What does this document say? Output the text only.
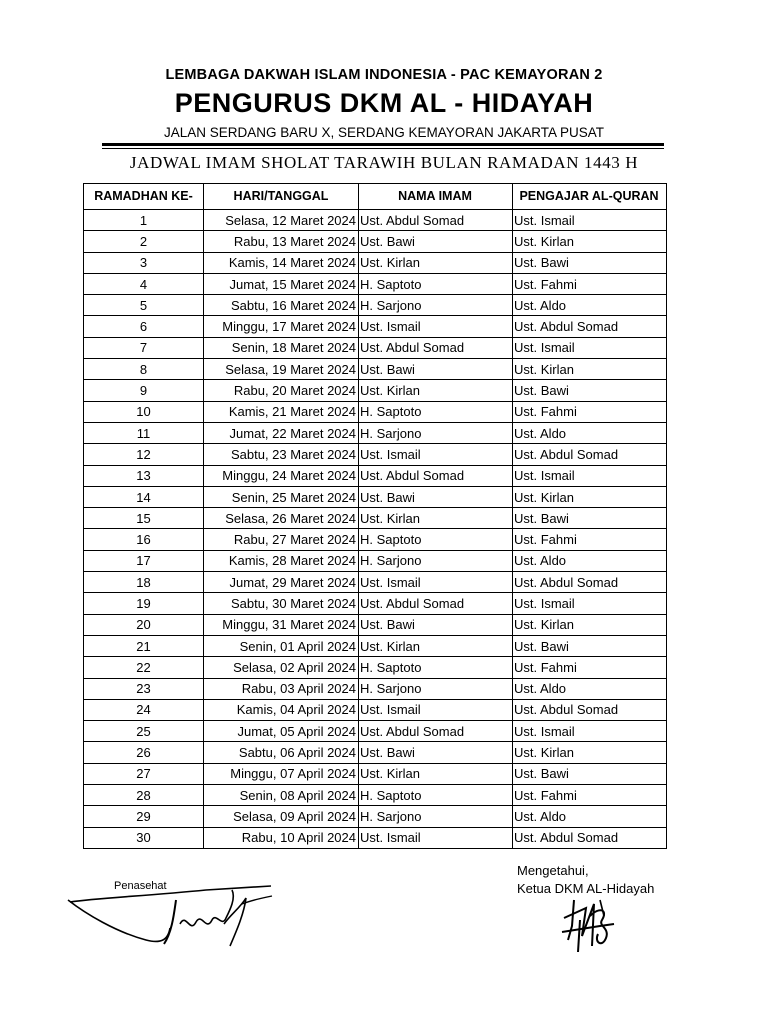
LEMBAGA DAKWAH ISLAM INDONESIA - PAC KEMAYORAN 2
PENGURUS DKM AL - HIDAYAH
JALAN SERDANG BARU X, SERDANG KEMAYORAN JAKARTA PUSAT
JADWAL IMAM SHOLAT TARAWIH BULAN RAMADAN 1443 H
RAMADHAN KE-	HARI/TANGGAL	NAMA IMAM	PENGAJAR AL-QURAN
1	Selasa, 12 Maret 2024	Ust. Abdul Somad	Ust. Ismail
2	Rabu, 13 Maret 2024	Ust. Bawi	Ust. Kirlan
3	Kamis, 14 Maret 2024	Ust. Kirlan	Ust. Bawi
4	Jumat, 15 Maret 2024	H. Saptoto	Ust. Fahmi
5	Sabtu, 16 Maret 2024	H. Sarjono	Ust. Aldo
6	Minggu, 17 Maret 2024	Ust. Ismail	Ust. Abdul Somad
7	Senin, 18 Maret 2024	Ust. Abdul Somad	Ust. Ismail
8	Selasa, 19 Maret 2024	Ust. Bawi	Ust. Kirlan
9	Rabu, 20 Maret 2024	Ust. Kirlan	Ust. Bawi
10	Kamis, 21 Maret 2024	H. Saptoto	Ust. Fahmi
11	Jumat, 22 Maret 2024	H. Sarjono	Ust. Aldo
12	Sabtu, 23 Maret 2024	Ust. Ismail	Ust. Abdul Somad
13	Minggu, 24 Maret 2024	Ust. Abdul Somad	Ust. Ismail
14	Senin, 25 Maret 2024	Ust. Bawi	Ust. Kirlan
15	Selasa, 26 Maret 2024	Ust. Kirlan	Ust. Bawi
16	Rabu, 27 Maret 2024	H. Saptoto	Ust. Fahmi
17	Kamis, 28 Maret 2024	H. Sarjono	Ust. Aldo
18	Jumat, 29 Maret 2024	Ust. Ismail	Ust. Abdul Somad
19	Sabtu, 30 Maret 2024	Ust. Abdul Somad	Ust. Ismail
20	Minggu, 31 Maret 2024	Ust. Bawi	Ust. Kirlan
21	Senin, 01 April 2024	Ust. Kirlan	Ust. Bawi
22	Selasa, 02 April 2024	H. Saptoto	Ust. Fahmi
23	Rabu, 03 April 2024	H. Sarjono	Ust. Aldo
24	Kamis, 04 April 2024	Ust. Ismail	Ust. Abdul Somad
25	Jumat, 05 April 2024	Ust. Abdul Somad	Ust. Ismail
26	Sabtu, 06 April 2024	Ust. Bawi	Ust. Kirlan
27	Minggu, 07 April 2024	Ust. Kirlan	Ust. Bawi
28	Senin, 08 April 2024	H. Saptoto	Ust. Fahmi
29	Selasa, 09 April 2024	H. Sarjono	Ust. Aldo
30	Rabu, 10 April 2024	Ust. Ismail	Ust. Abdul Somad
Penasehat
Mengetahui,
Ketua DKM AL-Hidayah
